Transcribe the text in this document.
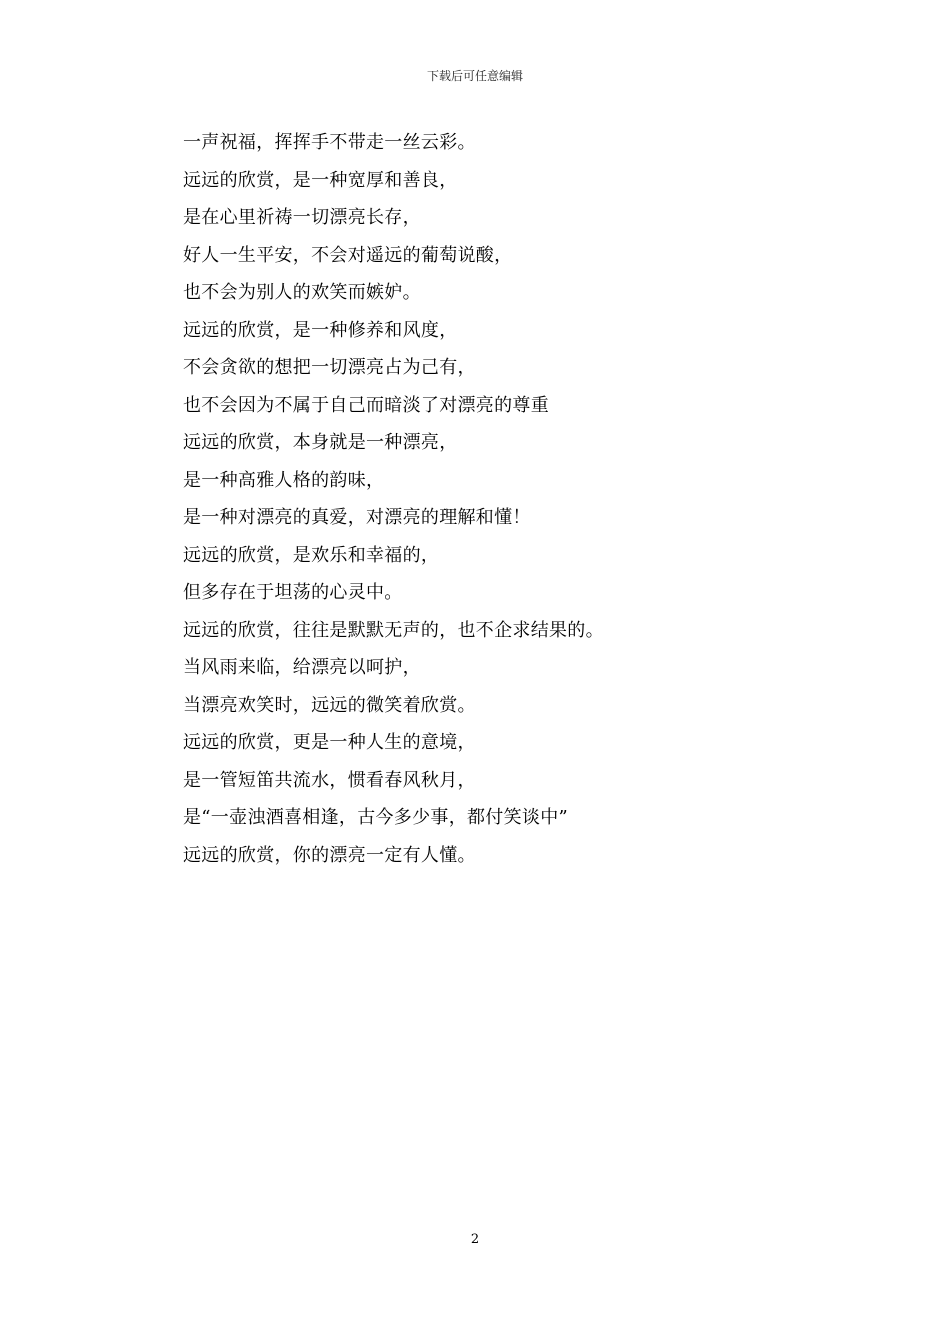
下载后可任意编辑
一声祝福，挥挥手不带走一丝云彩。
远远的欣赏，是一种宽厚和善良，
是在心里祈祷一切漂亮长存，
好人一生平安，不会对遥远的葡萄说酸，
也不会为别人的欢笑而嫉妒。
远远的欣赏，是一种修养和风度，
不会贪欲的想把一切漂亮占为己有，
也不会因为不属于自己而暗淡了对漂亮的尊重
远远的欣赏，本身就是一种漂亮，
是一种高雅人格的韵味，
是一种对漂亮的真爱，对漂亮的理解和懂！
远远的欣赏，是欢乐和幸福的，
但多存在于坦荡的心灵中。
远远的欣赏，往往是默默无声的，也不企求结果的。
当风雨来临，给漂亮以呵护，
当漂亮欢笑时，远远的微笑着欣赏。
远远的欣赏，更是一种人生的意境，
是一管短笛共流水，惯看春风秋月，
是“一壶浊酒喜相逢，古今多少事，都付笑谈中”
远远的欣赏，你的漂亮一定有人懂。
2
